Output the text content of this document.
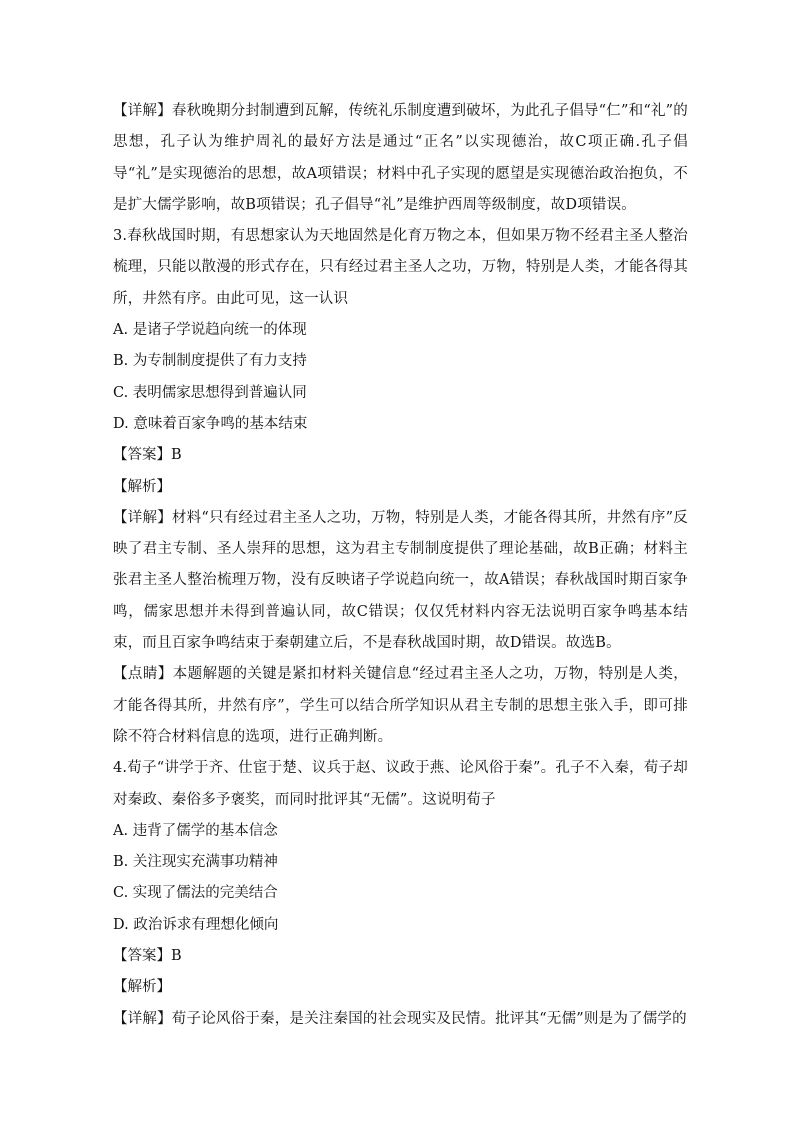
【详解】春秋晚期分封制遭到瓦解，传统礼乐制度遭到破坏，为此孔子倡导“仁”和“礼”的思想，孔子认为维护周礼的最好方法是通过“正名”以实现德治，故C项正确.孔子倡导“礼”是实现德治的思想，故A项错误；材料中孔子实现的愿望是实现德治政治抱负，不是扩大儒学影响，故B项错误；孔子倡导“礼”是维护西周等级制度，故D项错误。

3.春秋战国时期，有思想家认为天地固然是化育万物之本，但如果万物不经君主圣人整治梳理，只能以散漫的形式存在，只有经过君主圣人之功，万物，特别是人类，才能各得其所，井然有序。由此可见，这一认识

A. 是诸子学说趋向统一的体现
B. 为专制制度提供了有力支持
C. 表明儒家思想得到普遍认同
D. 意味着百家争鸣的基本结束
【答案】B
【解析】

【详解】材料“只有经过君主圣人之功，万物，特别是人类，才能各得其所，井然有序”反映了君主专制、圣人崇拜的思想，这为君主专制制度提供了理论基础，故B正确；材料主张君主圣人整治梳理万物，没有反映诸子学说趋向统一，故A错误；春秋战国时期百家争鸣，儒家思想并未得到普遍认同，故C错误；仅仅凭材料内容无法说明百家争鸣基本结束，而且百家争鸣结束于秦朝建立后，不是春秋战国时期，故D错误。故选B。

【点睛】本题解题的关键是紧扣材料关键信息“经过君主圣人之功，万物，特别是人类，才能各得其所，井然有序”，学生可以结合所学知识从君主专制的思想主张入手，即可排除不符合材料信息的选项，进行正确判断。

4.荀子“讲学于齐、仕宦于楚、议兵于赵、议政于燕、论风俗于秦”。孔子不入秦，荀子却对秦政、秦俗多予褒奖，而同时批评其“无儒”。这说明荀子

A. 违背了儒学的基本信念
B. 关注现实充满事功精神
C. 实现了儒法的完美结合
D. 政治诉求有理想化倾向
【答案】B
【解析】

【详解】荀子论风俗于秦，是关注秦国的社会现实及民情。批评其“无儒”则是为了儒学的
